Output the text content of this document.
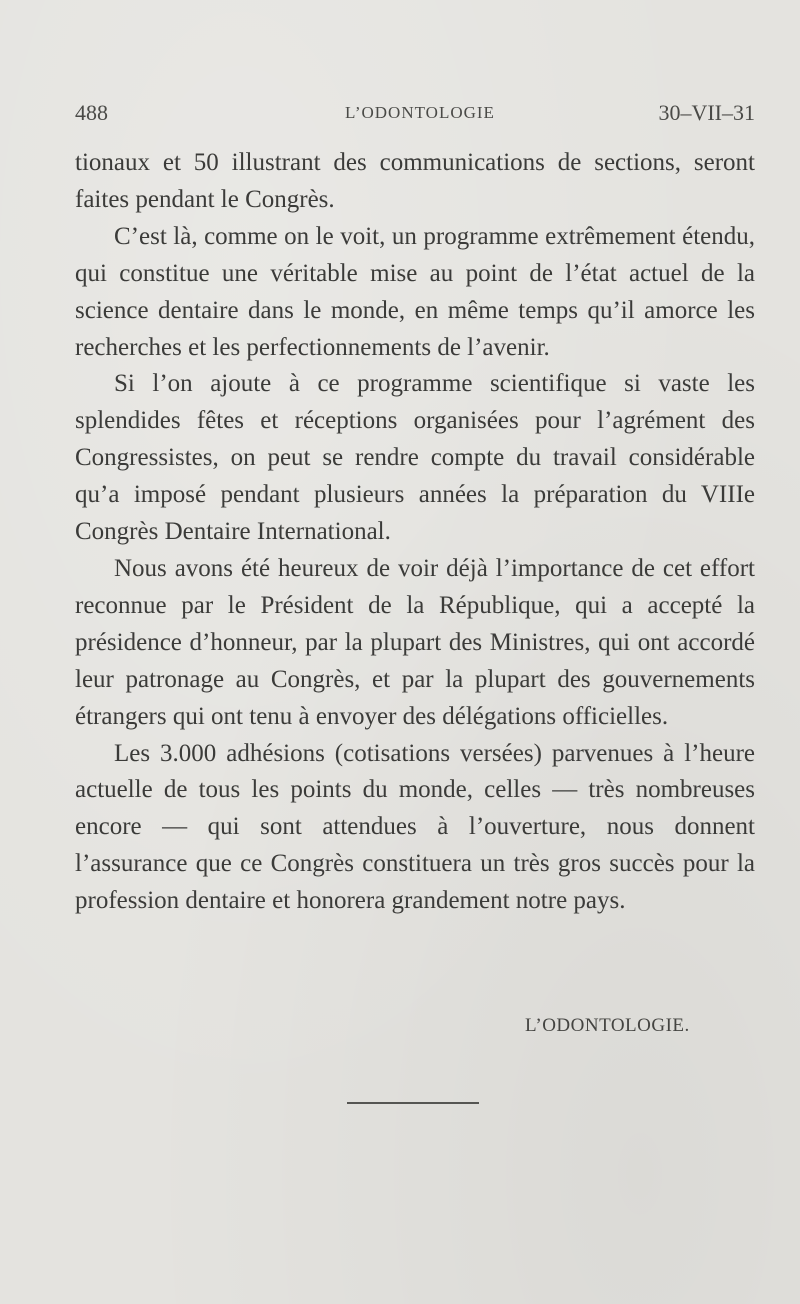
488	L’ODONTOLOGIE	30–VII–31

tionaux et 50 illustrant des communications de sections, seront faites pendant le Congrès.

C’est là, comme on le voit, un programme extrêmement étendu, qui constitue une véritable mise au point de l’état actuel de la science dentaire dans le monde, en même temps qu’il amorce les recherches et les perfectionnements de l’avenir.

Si l’on ajoute à ce programme scientifique si vaste les splendides fêtes et réceptions organisées pour l’agrément des Congressistes, on peut se rendre compte du travail considérable qu’a imposé pendant plusieurs années la préparation du VIIIe Congrès Dentaire International.

Nous avons été heureux de voir déjà l’importance de cet effort reconnue par le Président de la République, qui a accepté la présidence d’honneur, par la plupart des Ministres, qui ont accordé leur patronage au Congrès, et par la plupart des gouvernements étrangers qui ont tenu à envoyer des délégations officielles.

Les 3.000 adhésions (cotisations versées) parvenues à l’heure actuelle de tous les points du monde, celles — très nombreuses encore — qui sont attendues à l’ouverture, nous donnent l’assurance que ce Congrès constituera un très gros succès pour la profession dentaire et honorera grandement notre pays.

L’ODONTOLOGIE.
